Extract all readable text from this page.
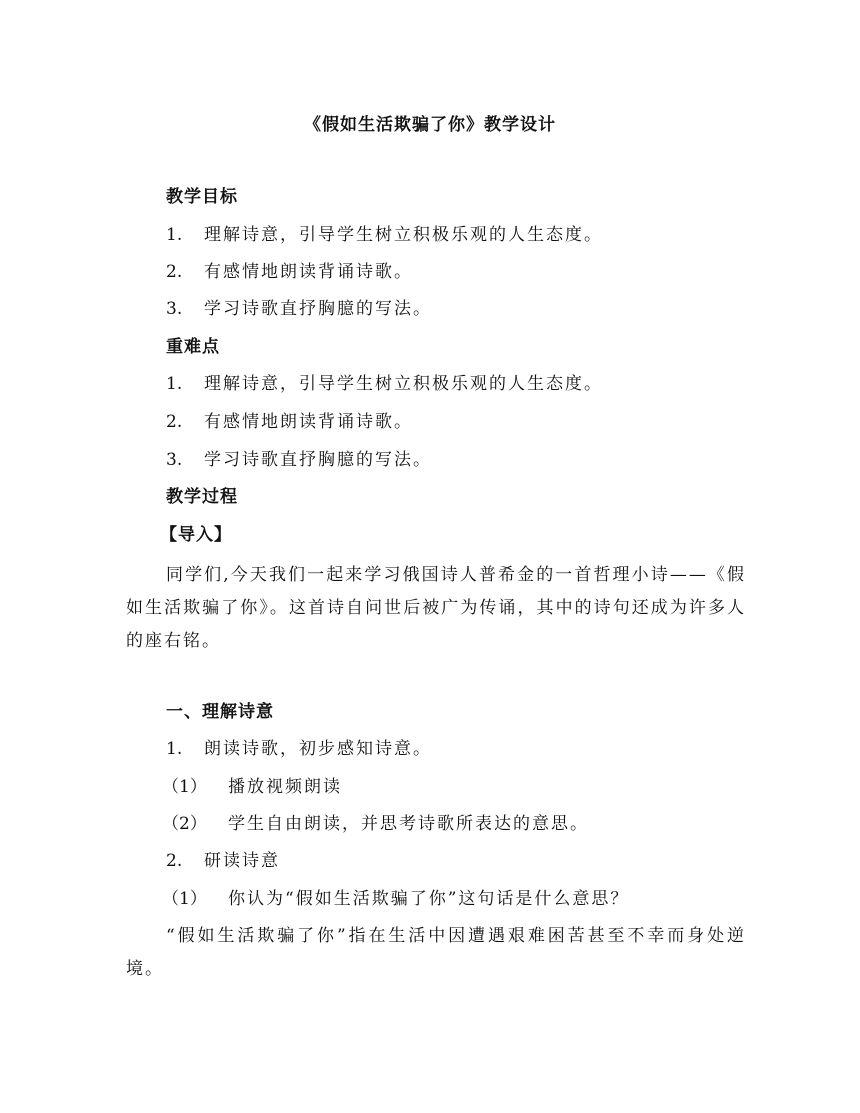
《假如生活欺骗了你》教学设计
教学目标
1. 理解诗意，引导学生树立积极乐观的人生态度。
2. 有感情地朗读背诵诗歌。
3. 学习诗歌直抒胸臆的写法。
重难点
1. 理解诗意，引导学生树立积极乐观的人生态度。
2. 有感情地朗读背诵诗歌。
3. 学习诗歌直抒胸臆的写法。
教学过程
【导入】
同学们,今天我们一起来学习俄国诗人普希金的一首哲理小诗——《假如生活欺骗了你》。这首诗自问世后被广为传诵，其中的诗句还成为许多人的座右铭。
一、理解诗意
1. 朗读诗歌，初步感知诗意。
（1） 播放视频朗读
（2） 学生自由朗读，并思考诗歌所表达的意思。
2. 研读诗意
（1） 你认为“假如生活欺骗了你”这句话是什么意思？
“假如生活欺骗了你”指在生活中因遭遇艰难困苦甚至不幸而身处逆境。
